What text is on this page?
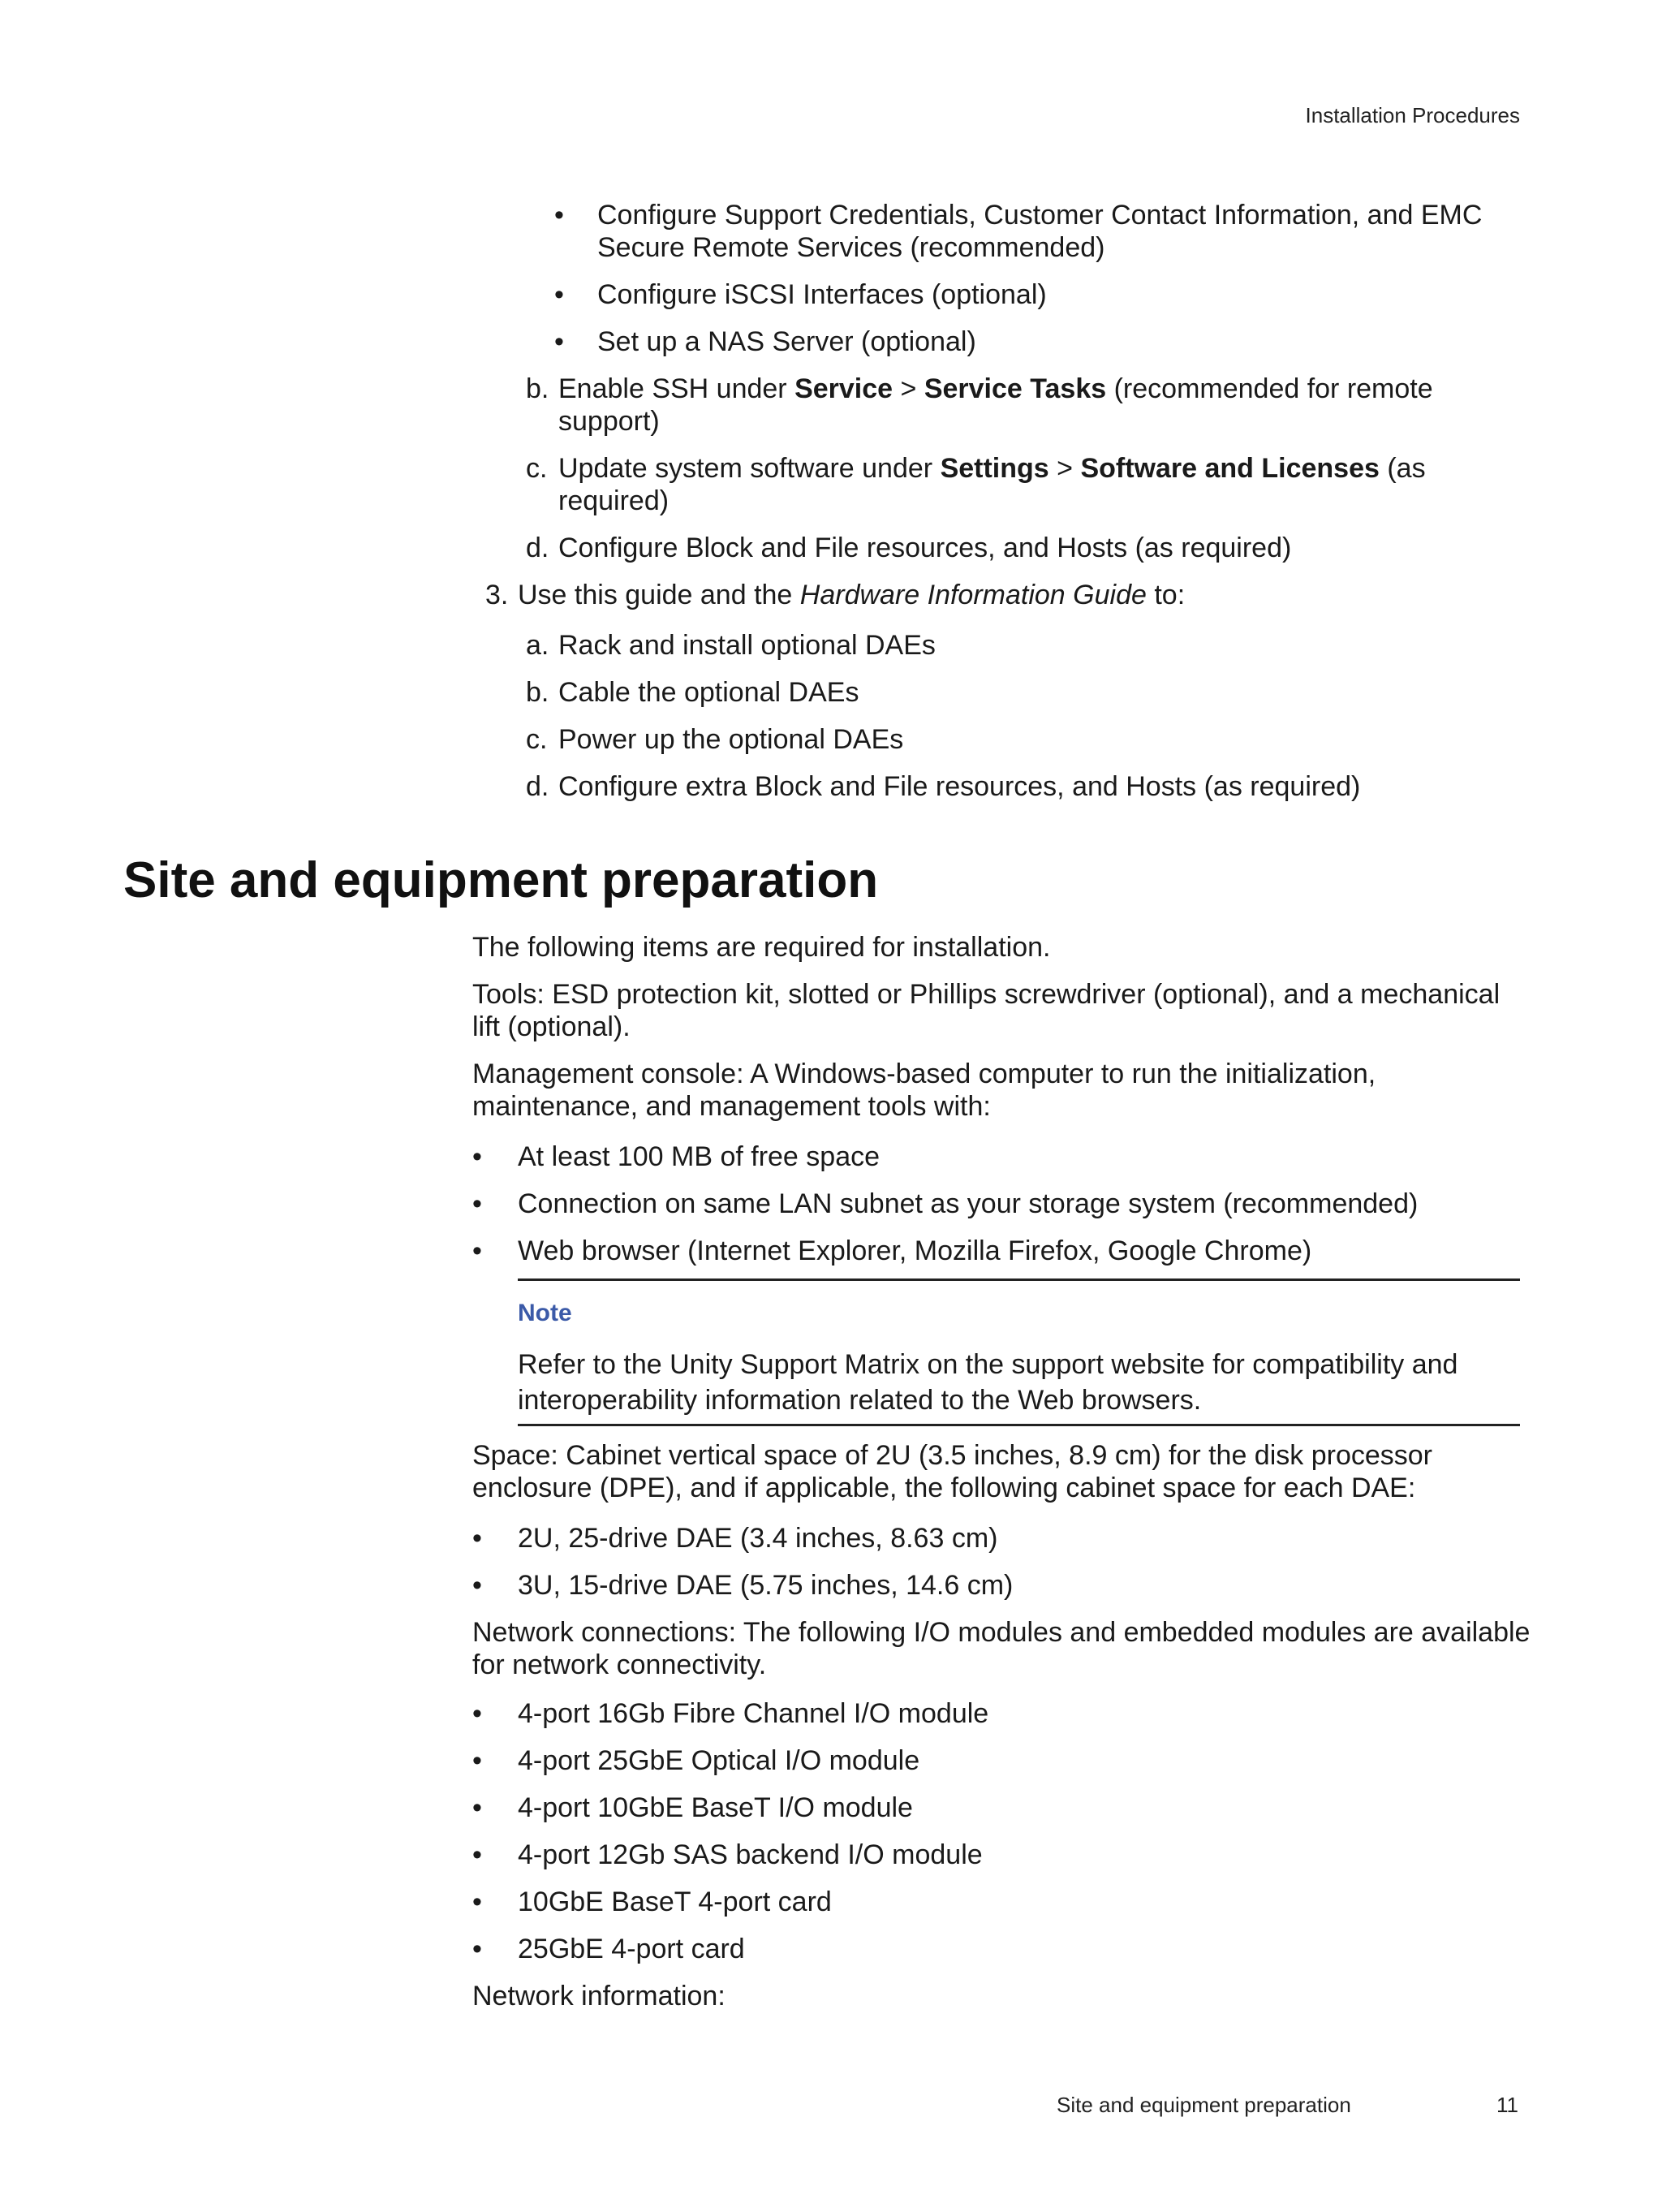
Installation Procedures
• Configure Support Credentials, Customer Contact Information, and EMC
Secure Remote Services (recommended)
• Configure iSCSI Interfaces (optional)
• Set up a NAS Server (optional)
b. Enable SSH under Service > Service Tasks (recommended for remote
support)
c. Update system software under Settings > Software and Licenses (as
required)
d. Configure Block and File resources, and Hosts (as required)
3. Use this guide and the Hardware Information Guide to:
a. Rack and install optional DAEs
b. Cable the optional DAEs
c. Power up the optional DAEs
d. Configure extra Block and File resources, and Hosts (as required)
Site and equipment preparation
The following items are required for installation.
Tools: ESD protection kit, slotted or Phillips screwdriver (optional), and a mechanical
lift (optional).
Management console: A Windows-based computer to run the initialization,
maintenance, and management tools with:
• At least 100 MB of free space
• Connection on same LAN subnet as your storage system (recommended)
• Web browser (Internet Explorer, Mozilla Firefox, Google Chrome)
Note
Refer to the Unity Support Matrix on the support website for compatibility and
interoperability information related to the Web browsers.
Space: Cabinet vertical space of 2U (3.5 inches, 8.9 cm) for the disk processor
enclosure (DPE), and if applicable, the following cabinet space for each DAE:
• 2U, 25-drive DAE (3.4 inches, 8.63 cm)
• 3U, 15-drive DAE (5.75 inches, 14.6 cm)
Network connections: The following I/O modules and embedded modules are available
for network connectivity.
• 4-port 16Gb Fibre Channel I/O module
• 4-port 25GbE Optical I/O module
• 4-port 10GbE BaseT I/O module
• 4-port 12Gb SAS backend I/O module
• 10GbE BaseT 4-port card
• 25GbE 4-port card
Network information:
Site and equipment preparation	11
